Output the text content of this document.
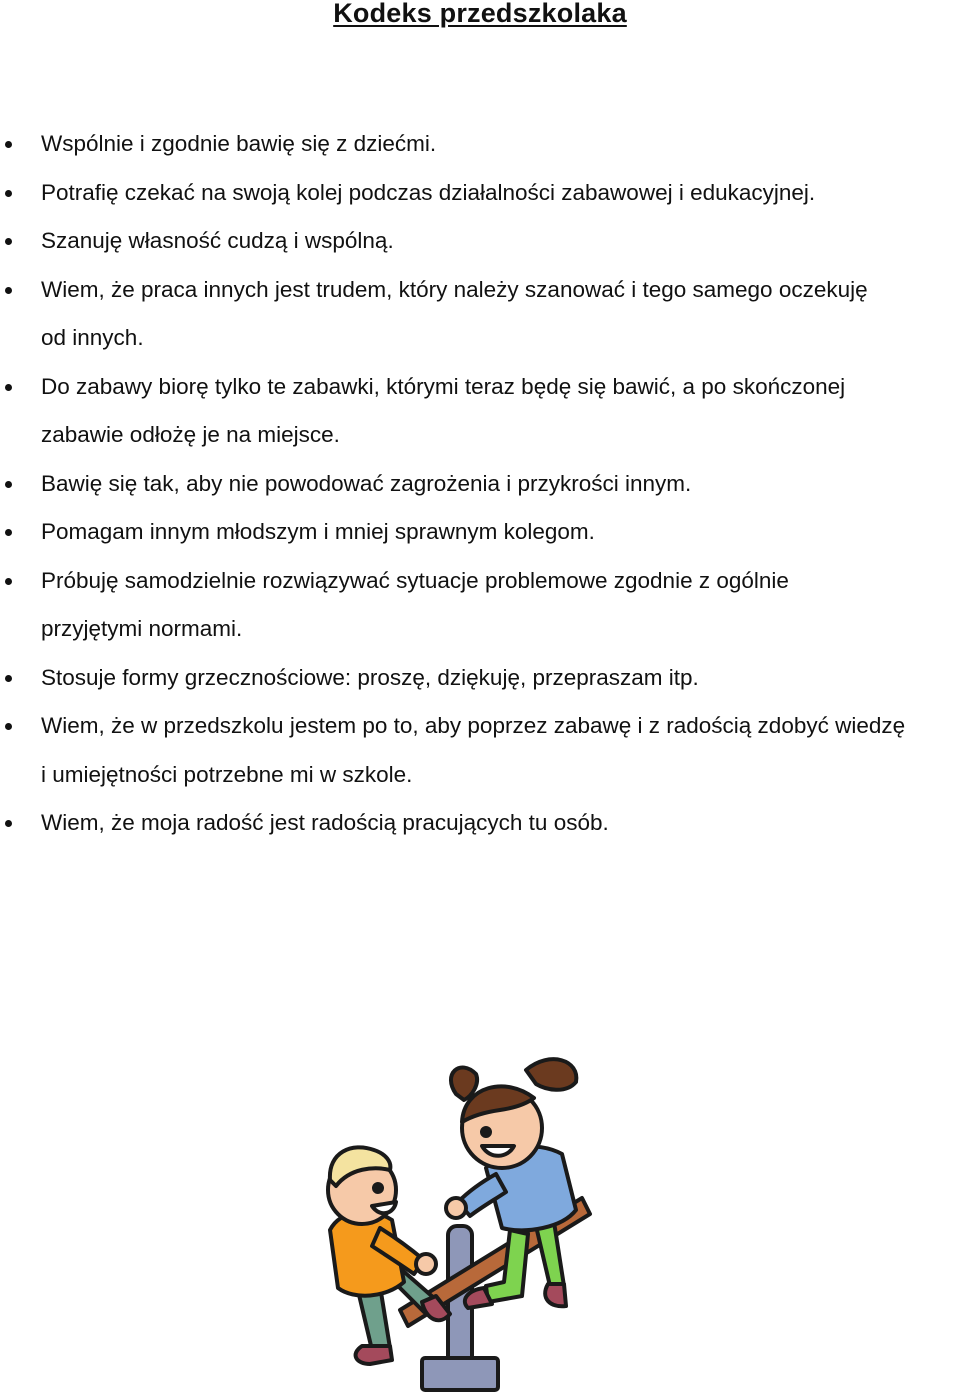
Kodeks przedszkolaka
Wspólnie i zgodnie bawię się z dziećmi.
Potrafię czekać na swoją kolej podczas działalności zabawowej i edukacyjnej.
Szanuję własność cudzą i wspólną.
Wiem, że praca innych jest trudem, który należy szanować i tego samego oczekuję
od innych.
Do zabawy biorę tylko te zabawki, którymi teraz będę się bawić, a po skończonej
zabawie odłożę je na miejsce.
Bawię się tak, aby nie powodować zagrożenia i przykrości innym.
Pomagam innym młodszym i mniej sprawnym kolegom.
Próbuję samodzielnie rozwiązywać sytuacje problemowe zgodnie z ogólnie
przyjętymi normami.
Stosuje formy grzecznościowe: proszę, dziękuję, przepraszam itp.
Wiem, że w przedszkolu jestem po to, aby poprzez zabawę i z radością zdobyć wiedzę
i umiejętności potrzebne mi w szkole.
Wiem, że moja radość jest radością pracujących tu osób.
